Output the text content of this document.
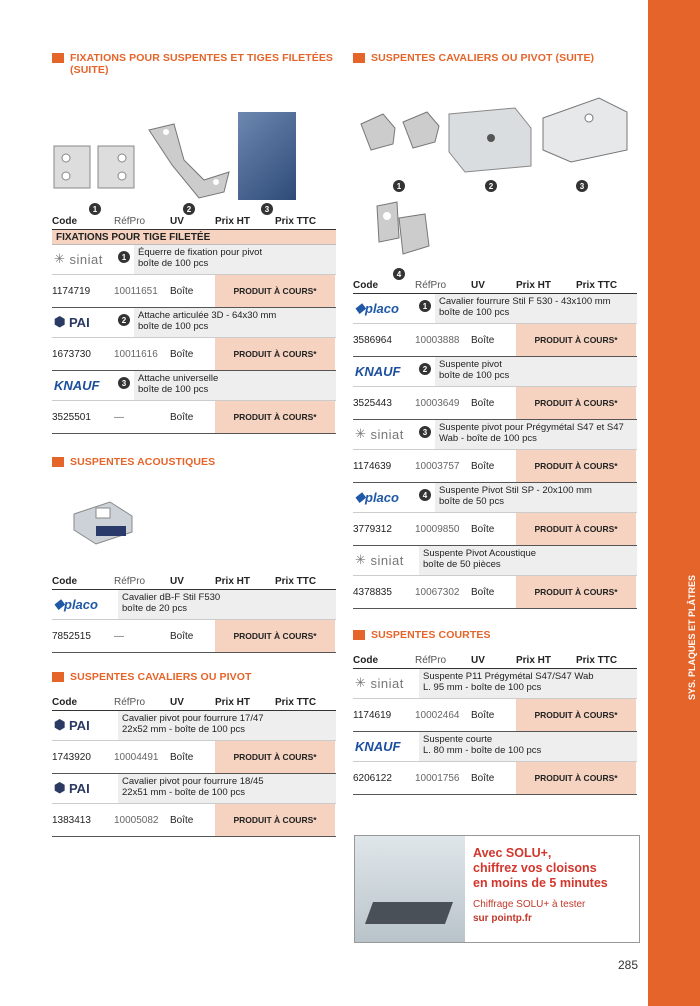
SYS. PLAQUES ET PLÂTRES
FIXATIONS POUR SUSPENTES ET TIGES FILETÉES (SUITE)
1	2	3
Code	RéfPro	UV	Prix HT	Prix TTC
FIXATIONS POUR TIGE FILETÉE
✳ siniat	1	Équerre de fixation pour pivot
boîte de 100 pcs
1174719	10011651	Boîte	PRODUIT À COURS*
⬢ PAI	2	Attache articulée 3D - 64x30 mm
boîte de 100 pcs
1673730	10011616	Boîte	PRODUIT À COURS*
KNAUF	3	Attache universelle
boîte de 100 pcs
3525501	—	Boîte	PRODUIT À COURS*
SUSPENTES ACOUSTIQUES
Code	RéfPro	UV	Prix HT	Prix TTC
◆ placo	Cavalier dB-F Stil F530
boîte de 20 pcs
7852515	—	Boîte	PRODUIT À COURS*
SUSPENTES CAVALIERS OU PIVOT
Code	RéfPro	UV	Prix HT	Prix TTC
⬢ PAI	Cavalier pivot pour fourrure 17/47
22x52 mm - boîte de 100 pcs
1743920	10004491	Boîte	PRODUIT À COURS*
⬢ PAI	Cavalier pivot pour fourrure 18/45
22x51 mm - boîte de 100 pcs
1383413	10005082	Boîte	PRODUIT À COURS*
SUSPENTES CAVALIERS OU PIVOT (SUITE)
1	2	3
4
Code	RéfPro	UV	Prix HT	Prix TTC
◆ placo	1	Cavalier fourrure Stil F 530 - 43x100 mm
boîte de 100 pcs
3586964	10003888	Boîte	PRODUIT À COURS*
KNAUF	2	Suspente pivot
boîte de 100 pcs
3525443	10003649	Boîte	PRODUIT À COURS*
✳ siniat	3	Suspente pivot pour Prégymétal S47 et S47
Wab - boîte de 100 pcs
1174639	10003757	Boîte	PRODUIT À COURS*
◆ placo	4	Suspente Pivot Stil SP - 20x100 mm
boîte de 50 pcs
3779312	10009850	Boîte	PRODUIT À COURS*
✳ siniat Suspente Pivot Acoustique
boîte de 50 pièces
4378835	10067302	Boîte	PRODUIT À COURS*
SUSPENTES COURTES
Code	RéfPro	UV	Prix HT	Prix TTC
✳ siniat Suspente P11 Prégymétal S47/S47 Wab
L. 95 mm - boîte de 100 pcs
1174619	10002464	Boîte	PRODUIT À COURS*
KNAUF Suspente courte
L. 80 mm - boîte de 100 pcs
6206122	10001756	Boîte	PRODUIT À COURS*
Avec SOLU+,
chiffrez vos cloisons
en moins de 5 minutes
Chiffrage SOLU+ à tester
sur pointp.fr
285
